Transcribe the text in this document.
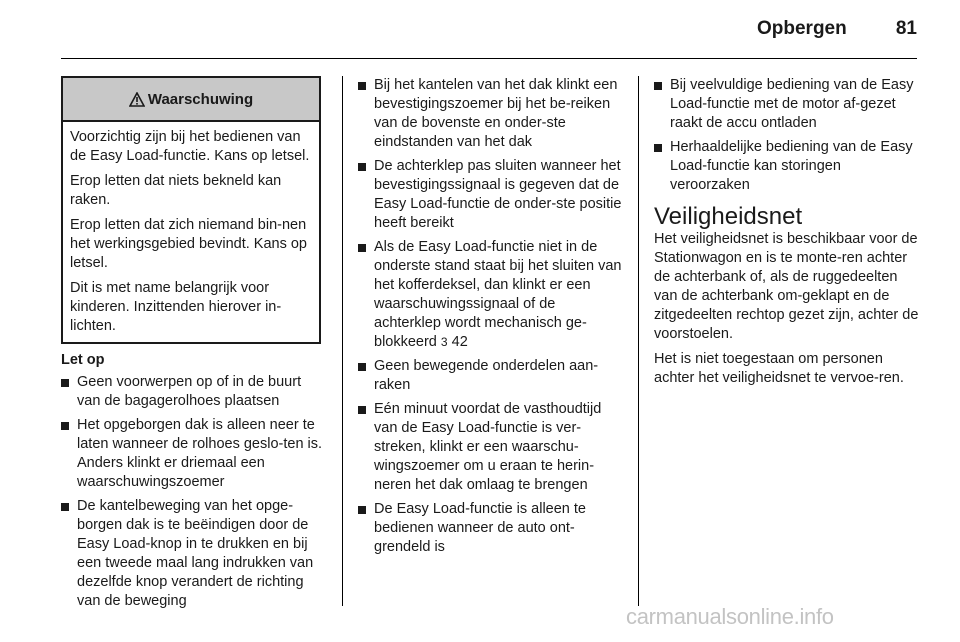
Opbergen	81
Waarschuwing

Voorzichtig zijn bij het bedienen van de Easy Load-functie. Kans op letsel.

Erop letten dat niets bekneld kan raken.

Erop letten dat zich niemand bin-nen het werkingsgebied bevindt. Kans op letsel.

Dit is met name belangrijk voor kinderen. Inzittenden hierover in-lichten.

Let op
Geen voorwerpen op of in de buurt van de bagagerolhoes plaatsen
Het opgeborgen dak is alleen neer te laten wanneer de rolhoes geslo-ten is. Anders klinkt er driemaal een waarschuwingszoemer
De kantelbeweging van het opge-borgen dak is te beëindigen door de Easy Load-knop in te drukken en bij een tweede maal lang indrukken van dezelfde knop verandert de richting van de beweging
Bij het kantelen van het dak klinkt een bevestigingszoemer bij het be-reiken van de bovenste en onder-ste eindstanden van het dak
De achterklep pas sluiten wanneer het bevestigingssignaal is gegeven dat de Easy Load-functie de onder-ste positie heeft bereikt
Als de Easy Load-functie niet in de onderste stand staat bij het sluiten van het kofferdeksel, dan klinkt er een waarschuwingssignaal of de achterklep wordt mechanisch ge-blokkeerd 3 42
Geen bewegende onderdelen aan-raken
Eén minuut voordat de vasthoudtijd van de Easy Load-functie is ver-streken, klinkt er een waarschu-wingszoemer om u eraan te herin-neren het dak omlaag te brengen
De Easy Load-functie is alleen te bedienen wanneer de auto ont-grendeld is
Bij veelvuldige bediening van de Easy Load-functie met de motor af-gezet raakt de accu ontladen
Herhaaldelijke bediening van de Easy Load-functie kan storingen veroorzaken
Veiligheidsnet

Het veiligheidsnet is beschikbaar voor de Stationwagon en is te monte-ren achter de achterbank of, als de ruggedeelten van de achterbank om-geklapt en de zitgedeelten rechtop gezet zijn, achter de voorstoelen.

Het is niet toegestaan om personen achter het veiligheidsnet te vervoe-ren.

carmanualsonline.info
